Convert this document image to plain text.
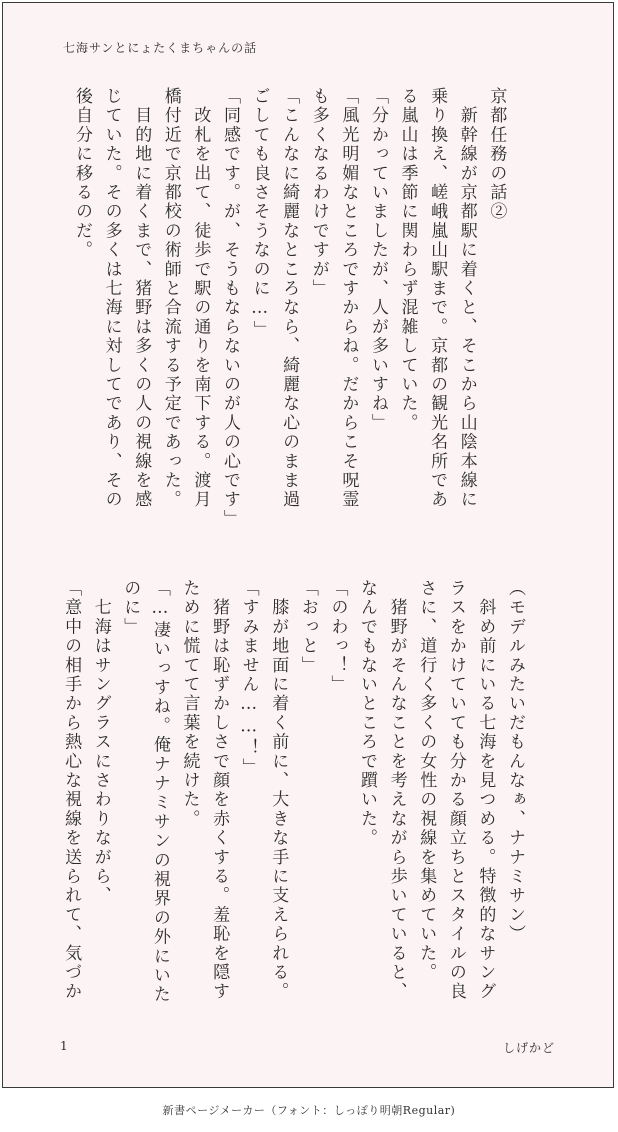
七海サンとにょたくまちゃんの話

京都任務の話②

　新幹線が京都駅に着くと、そこから山陰本線に

乗り換え、嵯峨嵐山駅まで。京都の観光名所であ

る嵐山は季節に関わらず混雑していた。

「分かっていましたが、人が多いすね」

「風光明媚なところですからね。だからこそ呪霊

も多くなるわけですが」

「こんなに綺麗なところなら、綺麗な心のまま過

ごしても良さそうなのに…」

「同感です。が、そうもならないのが人の心です」

　改札を出て、徒歩で駅の通りを南下する。渡月

橋付近で京都校の術師と合流する予定であった。

　目的地に着くまで、猪野は多くの人の視線を感

じていた。その多くは七海に対してであり、その

後自分に移るのだ。

（モデルみたいだもんなぁ、ナナミサン）

　斜め前にいる七海を見つめる。特徴的なサング

ラスをかけていても分かる顔立ちとスタイルの良

さに、道行く多くの女性の視線を集めていた。

　猪野がそんなことを考えながら歩いていると、

なんでもないところで躓いた。

「のわっ！」

「おっと」

　膝が地面に着く前に、大きな手に支えられる。

「すみません……！」

　猪野は恥ずかしさで顔を赤くする。羞恥を隠す

ために慌てて言葉を続けた。

「…凄いっすね。俺ナナミサンの視界の外にいた

のに」

　七海はサングラスにさわりながら、

「意中の相手から熱心な視線を送られて、気づか

1	しげかど
新書ページメーカー（フォント：しっぽり明朝Regular)
